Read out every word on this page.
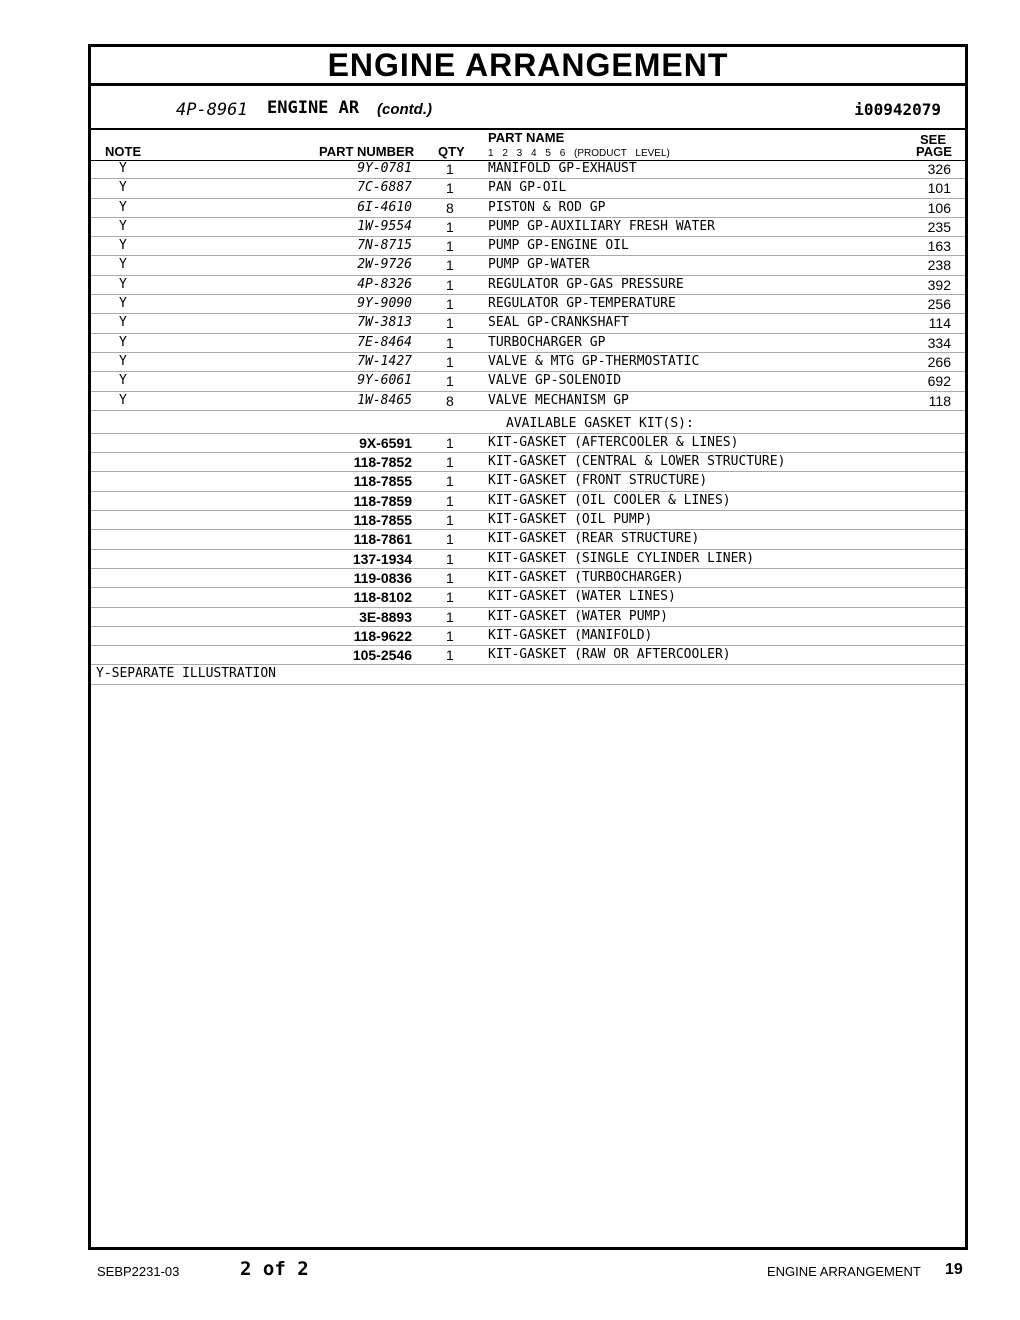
ENGINE ARRANGEMENT
4P-8961 ENGINE AR (contd.)	i00942079
NOTE	PART NUMBER QTY
PART NAME
1 2 3 4 5 6 (PRODUCT LEVEL)
SEE
PAGE
Y	9Y-0781 1	MANIFOLD GP-EXHAUST	326
Y	7C-6887 1	PAN GP-OIL	101
Y	6I-4610 8	PISTON & ROD GP	106
Y	1W-9554 1	PUMP GP-AUXILIARY FRESH WATER	235
Y	7N-8715 1	PUMP GP-ENGINE OIL	163
Y	2W-9726 1	PUMP GP-WATER	238
Y	4P-8326 1	REGULATOR GP-GAS PRESSURE	392
Y	9Y-9090 1	REGULATOR GP-TEMPERATURE	256
Y	7W-3813 1	SEAL GP-CRANKSHAFT	114
Y	7E-8464 1	TURBOCHARGER GP	334
Y	7W-1427 1	VALVE & MTG GP-THERMOSTATIC	266
Y	9Y-6061 1	VALVE GP-SOLENOID	692
Y	1W-8465 8	VALVE MECHANISM GP	118
AVAILABLE GASKET KIT(S):
9X-6591 1	KIT-GASKET (AFTERCOOLER & LINES)
118-7852 1	KIT-GASKET (CENTRAL & LOWER STRUCTURE)
118-7855 1	KIT-GASKET (FRONT STRUCTURE)
118-7859 1	KIT-GASKET (OIL COOLER & LINES)
118-7855 1	KIT-GASKET (OIL PUMP)
118-7861 1	KIT-GASKET (REAR STRUCTURE)
137-1934 1	KIT-GASKET (SINGLE CYLINDER LINER)
119-0836 1	KIT-GASKET (TURBOCHARGER)
118-8102 1	KIT-GASKET (WATER LINES)
3E-8893 1	KIT-GASKET (WATER PUMP)
118-9622 1	KIT-GASKET (MANIFOLD)
105-2546 1	KIT-GASKET (RAW OR AFTERCOOLER)
Y-SEPARATE ILLUSTRATION
SEBP2231-03	2 of 2	ENGINE ARRANGEMENT 19
